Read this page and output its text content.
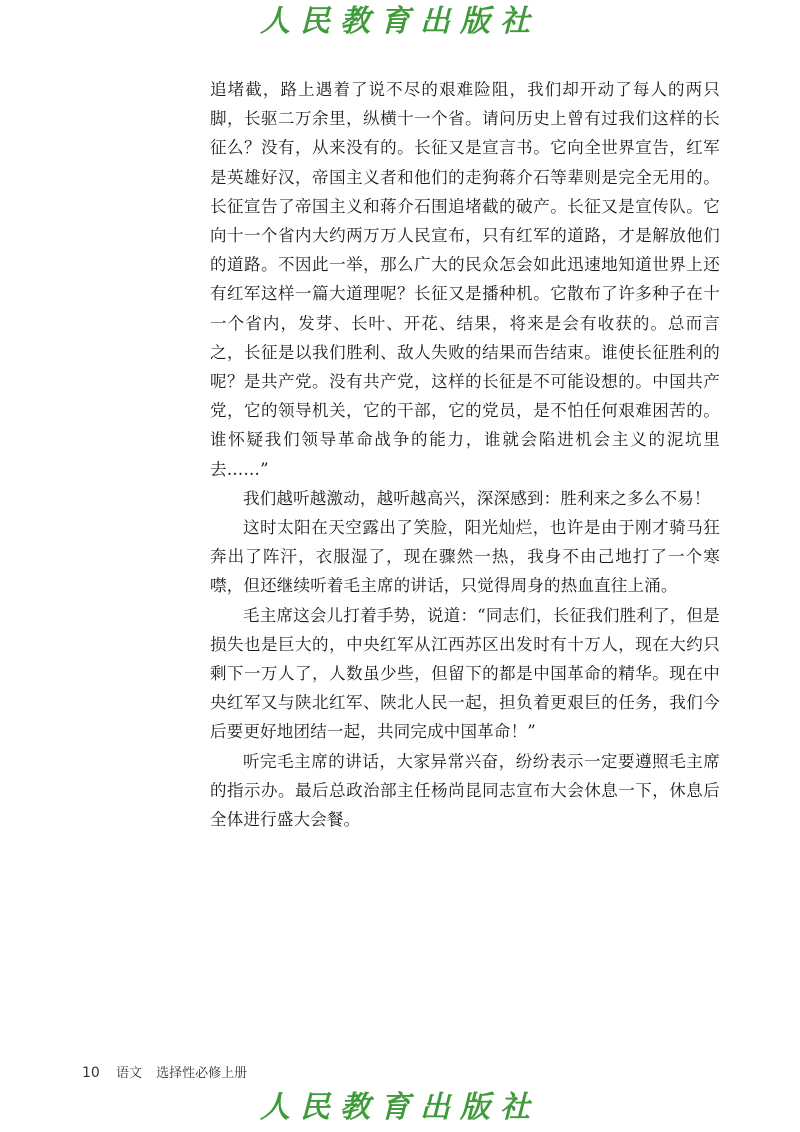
人民教育出版社

追堵截，路上遇着了说不尽的艰难险阻，我们却开动了每人的两只脚，长驱二万余里，纵横十一个省。请问历史上曾有过我们这样的长征么？没有，从来没有的。长征又是宣言书。它向全世界宣告，红军是英雄好汉，帝国主义者和他们的走狗蒋介石等辈则是完全无用的。长征宣告了帝国主义和蒋介石围追堵截的破产。长征又是宣传队。它向十一个省内大约两万万人民宣布，只有红军的道路，才是解放他们的道路。不因此一举，那么广大的民众怎会如此迅速地知道世界上还有红军这样一篇大道理呢？长征又是播种机。它散布了许多种子在十一个省内，发芽、长叶、开花、结果，将来是会有收获的。总而言之，长征是以我们胜利、敌人失败的结果而告结束。谁使长征胜利的呢？是共产党。没有共产党，这样的长征是不可能设想的。中国共产党，它的领导机关，它的干部，它的党员，是不怕任何艰难困苦的。谁怀疑我们领导革命战争的能力，谁就会陷进机会主义的泥坑里去……”

我们越听越激动，越听越高兴，深深感到：胜利来之多么不易！

这时太阳在天空露出了笑脸，阳光灿烂，也许是由于刚才骑马狂奔出了阵汗，衣服湿了，现在骤然一热，我身不由己地打了一个寒噤，但还继续听着毛主席的讲话，只觉得周身的热血直往上涌。

毛主席这会儿打着手势，说道：“同志们，长征我们胜利了，但是损失也是巨大的，中央红军从江西苏区出发时有十万人，现在大约只剩下一万人了，人数虽少些，但留下的都是中国革命的精华。现在中央红军又与陕北红军、陕北人民一起，担负着更艰巨的任务，我们今后要更好地团结一起，共同完成中国革命！”

听完毛主席的讲话，大家异常兴奋，纷纷表示一定要遵照毛主席的指示办。最后总政治部主任杨尚昆同志宣布大会休息一下，休息后全体进行盛大会餐。

10 语文 选择性必修上册
人民教育出版社
